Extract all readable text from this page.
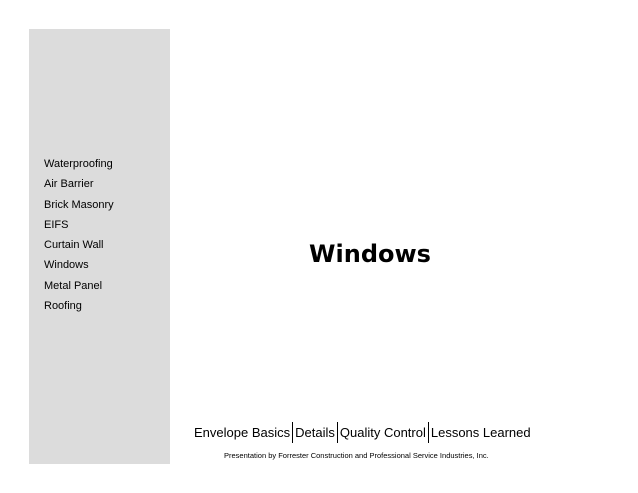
Waterproofing
Air Barrier
Brick Masonry
EIFS
Curtain Wall
Windows
Metal Panel
Roofing
Windows
Envelope Basics Details Quality Control Lessons Learned
Presentation by Forrester Construction and Professional Service Industries, Inc.
